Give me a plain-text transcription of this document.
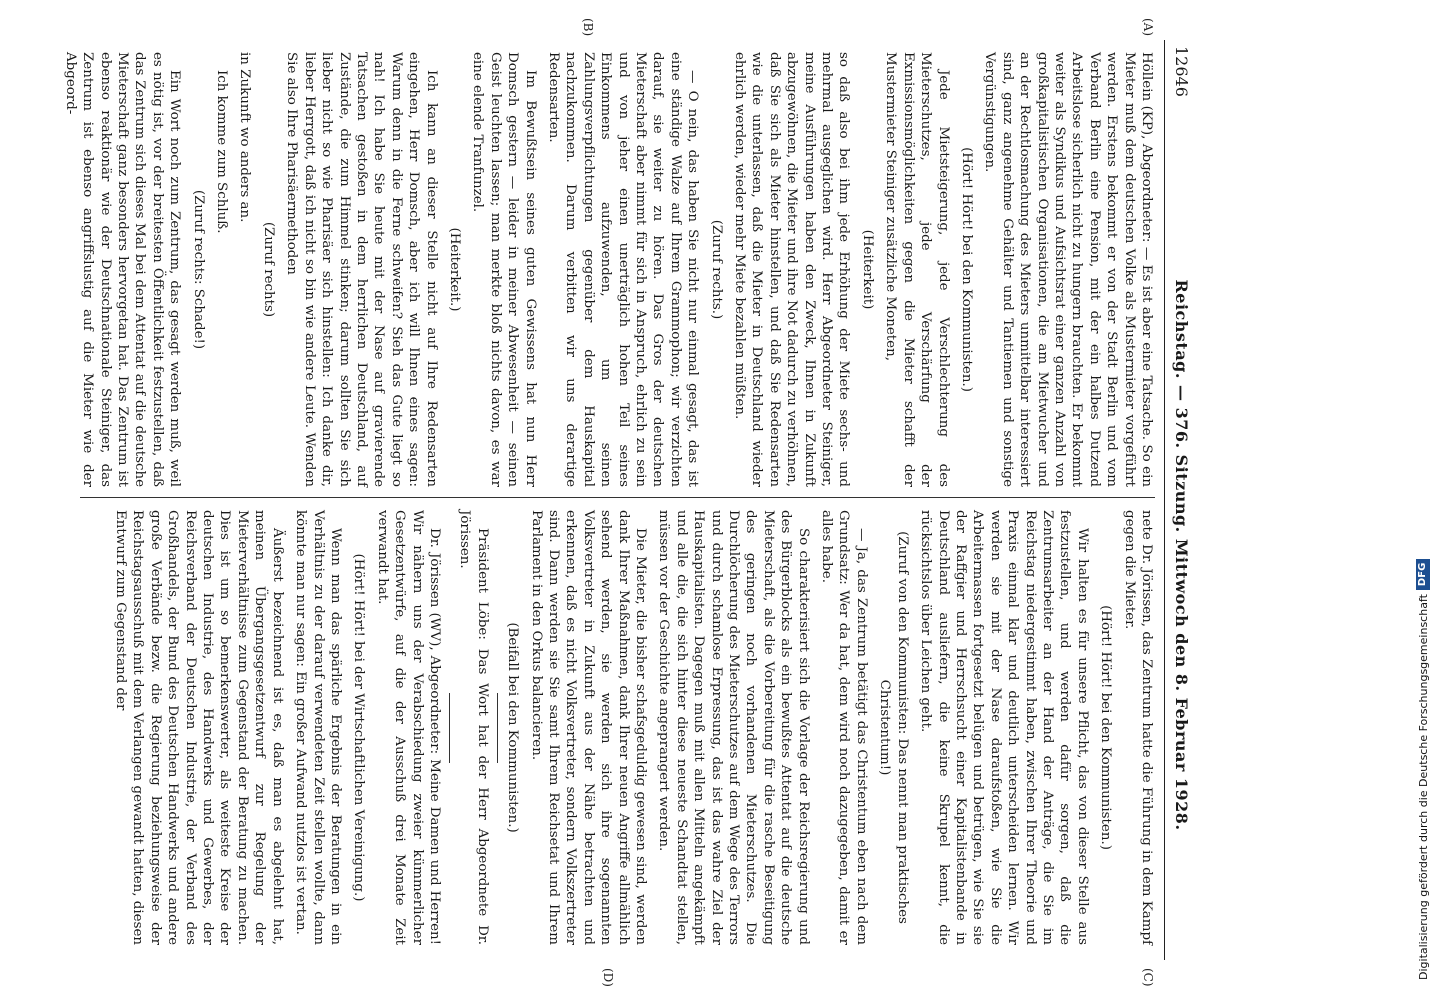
12646
Reichstag. — 376. Sitzung. Mittwoch den 8. Februar 1928.
(A)
(B)
(C)
(D)

Höllein (KP), Abgeordneter: — Es ist aber eine Tatsache. So ein Mieter muß dem deutschen Volke als Mustermieter vorgeführt werden. Erstens bekommt er von der Stadt Berlin und vom Verband Berlin eine Pension, mit der ein halbes Dutzend Arbeitslose sicherlich nicht zu hungern brauchten. Er bekommt weiter als Syndikus und Aufsichtsrat einer ganzen Anzahl von großkapitalistischen Organisationen, die am Mietwucher und an der Rechtlosmachung des Mieters unmittelbar interessiert sind, ganz angenehme Gehälter und Tantiemen und sonstige Vergünstigungen.

(Hört! Hört! bei den Kommunisten.)

Jede Mietsteigerung, jede Verschlechterung des Mieterschutzes, jede Verschärfung der Exmissionsmöglichkeiten gegen die Mieter schafft der Mustermieter Steiniger zusätzliche Moneten,

(Heiterkeit)

so daß also bei ihm jede Erhöhung der Miete sechs- und mehrmal ausgeglichen wird. Herr Abgeordneter Steiniger, meine Ausführungen haben den Zweck, Ihnen in Zukunft abzugewöhnen, die Mieter und ihre Not dadurch zu verhöhnen, daß Sie sich als Mieter hinstellen, und daß Sie Redensarten wie die unterlassen, daß die Mieter in Deutschland wieder ehrlich werden, wieder mehr Miete bezahlen müßten.

(Zuruf rechts.)

— O nein, das haben Sie nicht nur einmal gesagt, das ist eine ständige Walze auf Ihrem Grammophon; wir verzichten darauf, sie weiter zu hören. Das Gros der deutschen Mieterschaft aber nimmt für sich in Anspruch, ehrlich zu sein und von jeher einen unerträglich hohen Teil seines Einkommens aufzuwenden, um seinen Zahlungsverpflichtungen gegenüber dem Hauskapital nachzukommen. Darum verbitten wir uns derartige Redensarten.

Im Bewußtsein seines guten Gewissens hat nun Herr Domsch gestern — leider in meiner Abwesenheit — seinen Geist leuchten lassen; man merkte bloß nichts davon, es war eine elende Tranfunzel.

(Heiterkeit.)

Ich kann an dieser Stelle nicht auf Ihre Redensarten eingehen, Herr Domsch, aber ich will Ihnen eines sagen: Warum denn in die Ferne schweifen? Sieh das Gute liegt so nah! Ich habe Sie heute mit der Nase auf gravierende Tatsachen gestoßen in dem herrlichen Deutschland, auf Zustände, die zum Himmel stinken; darum sollten Sie sich lieber nicht so wie Pharisäer sich hinstellen: Ich danke dir, lieber Herrgott, daß ich nicht so bin wie andere Leute. Wenden Sie also Ihre Pharisäermethoden

(Zuruf rechts)

in Zukunft wo anders an.

Ich komme zum Schluß.

(Zuruf rechts: Schade!)

Ein Wort noch zum Zentrum, das gesagt werden muß, weil es nötig ist, vor der breitesten Öffentlichkeit festzustellen, daß das Zentrum sich dieses Mal bei dem Attentat auf die deutsche Mieterschaft ganz besonders hervorgetan hat. Das Zentrum ist ebenso reaktionär wie der Deutschnationale Steiniger, das Zentrum ist ebenso angriffslustig auf die Mieter wie der Abgeord-

nete Dr. Jörissen, das Zentrum hatte die Führung in dem Kampf gegen die Mieter.

(Hört! Hört! bei den Kommunisten.)

Wir halten es für unsere Pflicht, das von dieser Stelle aus festzustellen, und werden dafür sorgen, daß die Zentrumsarbeiter an der Hand der Anträge, die Sie im Reichstag niedergestimmt haben, zwischen Ihrer Theorie und Praxis einmal klar und deutlich unterscheiden lernen. Wir werden sie mit der Nase daraufstoßen, wie Sie die Arbeitermassen fortgesetzt belügen und betrügen, wie Sie sie der Raffgier und Herrschsucht einer Kapitalistenbande in Deutschland ausliefern, die keine Skrupel kennt, die rücksichtslos über Leichen geht.

(Zuruf von den Kommunisten: Das nennt man praktisches Christentum!)

— Ja, das Zentrum betätigt das Christentum eben nach dem Grundsatz: Wer da hat, dem wird noch dazugegeben, damit er alles habe.

So charakterisiert sich die Vorlage der Reichsregierung und des Bürgerblocks als ein bewußtes Attentat auf die deutsche Mieterschaft, als die Vorbereitung für die rasche Beseitigung des geringen noch vorhandenen Mieterschutzes. Die Durchlöcherung des Mieterschutzes auf dem Wege des Terrors und durch schamlose Erpressung, das ist das wahre Ziel der Hauskapitalisten. Dagegen muß mit allen Mitteln angekämpft und alle die, die sich hinter diese neueste Schandtat stellen, müssen vor der Geschichte angeprangert werden.

Die Mieter, die bisher schafsgeduldig gewesen sind, werden dank Ihrer Maßnahmen, dank Ihrer neuen Angriffe allmählich sehend werden, sie werden sich ihre sogenannten Volksvertreter in Zukunft aus der Nähe betrachten und erkennen, daß es nicht Volksvertreter, sondern Volkszertreter sind. Dann werden sie Sie samt Ihrem Reichsetat und Ihrem Parlament in den Orkus balancieren.

(Beifall bei den Kommunisten.)

Präsident Löbe: Das Wort hat der Herr Abgeordnete Dr. Jörissen.

Dr. Jörissen (WV), Abgeordneter: Meine Damen und Herren! Wir nähern uns der Verabschiedung zweier kümmerlicher Gesetzentwürfe, auf die der Ausschuß drei Monate Zeit verwandt hat.

(Hört! Hört! bei der Wirtschaftlichen Vereinigung.)

Wenn man das spärliche Ergebnis der Beratungen in ein Verhältnis zu der darauf verwendeten Zeit stellen wollte, dann könnte man nur sagen: Ein großer Aufwand nutzlos ist vertan.

Äußerst bezeichnend ist es, daß man es abgelehnt hat, meinen Übergangsgesetzentwurf zur Regelung der Mieterverhältnisse zum Gegenstand der Beratung zu machen. Dies ist um so bemerkenswerter, als weiteste Kreise der deutschen Industrie, des Handwerks und Gewerbes, der Reichsverband der Deutschen Industrie, der Verband des Großhandels, der Bund des Deutschen Handwerks und andere große Verbände bezw. die Regierung beziehungsweise der Reichstagsausschuß mit dem Verlangen gewandt hatten, diesen Entwurf zum Gegenstand der	Digitalisierung gefördert durch die Deutsche Forschungsgemeinschaft
DFG
